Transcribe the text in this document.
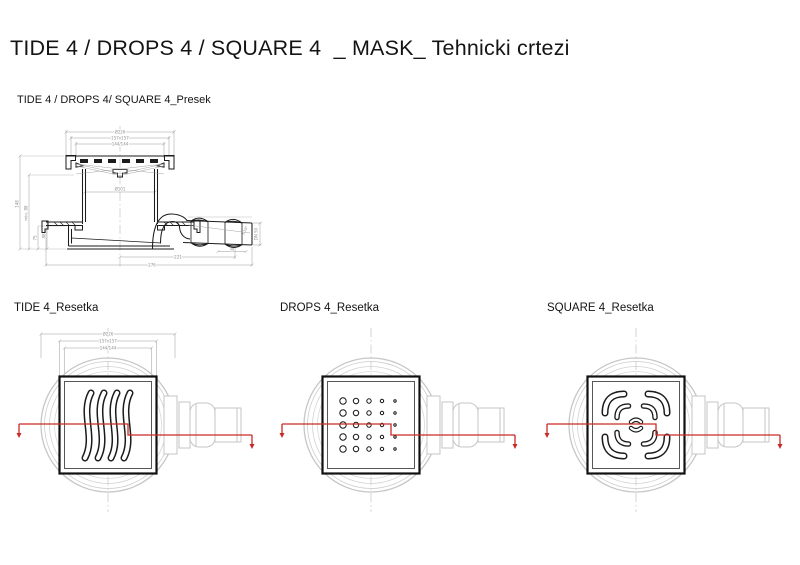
TIDE 4 / DROPS 4 / SQUARE 4  _ MASK_ Tehnicki crtezi
TIDE 4 / DROPS 4/ SQUARE 4_Presek
Ø226
157x157
144/144
148
min. 88
75 88
Ø101
221
276
46
DN 50
1.18°
TIDE 4_Resetka	DROPS 4_Resetka	SQUARE 4_Resetka
Ø226
157x157
144/144
